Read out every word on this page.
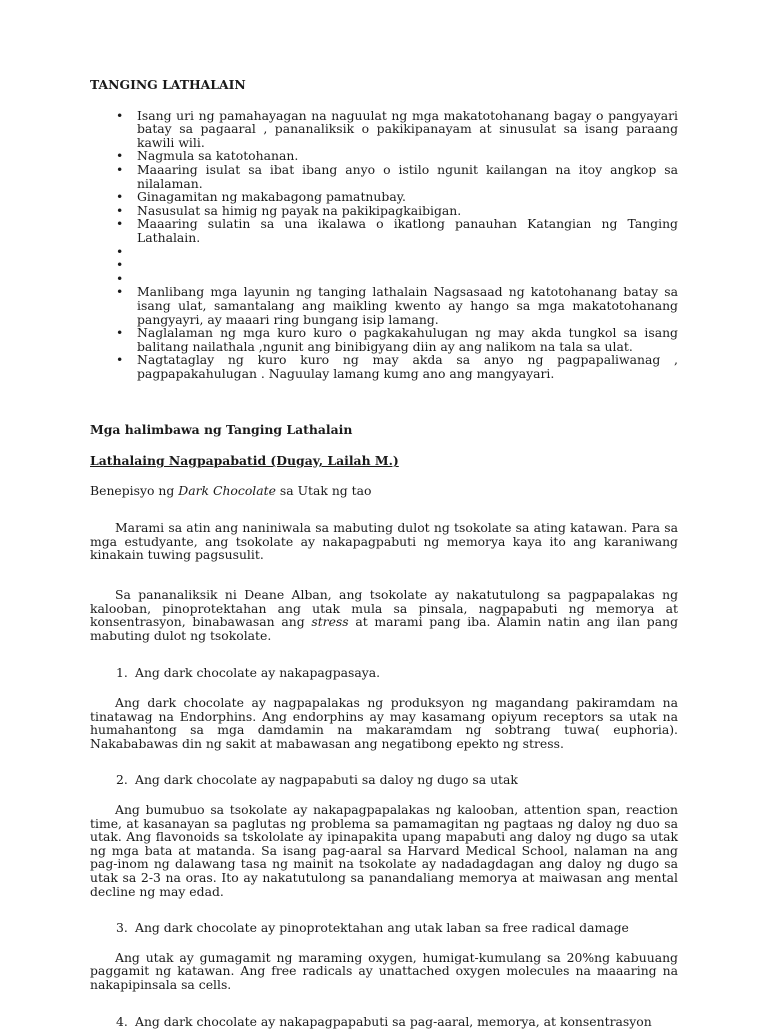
TANGING LATHALAIN

• Isang uri ng pamahayagan na naguulat ng mga makatotohanang bagay o pangyayari batay sa pagaaral , pananaliksik o pakikipanayam at sinusulat sa isang paraang kawili wili.
• Nagmula sa katotohanan.
• Maaaring isulat sa ibat ibang anyo o istilo ngunit kailangan na itoy angkop sa nilalaman.
• Ginagamitan ng makabagong pamatnubay.
• Nasusulat sa himig ng payak na pakikipagkaibigan.
• Maaaring sulatin sa una ikalawa o ikatlong panauhan Katangian ng Tanging Lathalain.
•
•
•
• Manlibang mga layunin ng tanging lathalain Nagsasaad ng katotohanang batay sa isang ulat, samantalang ang maikling kwento ay hango sa mga makatotohanang pangyayri, ay maaari ring bungang isip lamang.
• Naglalaman ng mga kuro kuro o pagkakahulugan ng may akda tungkol sa isang balitang nailathala ,ngunit ang binibigyang diin ay ang nalikom na tala sa ulat.
• Nagtataglay ng kuro kuro ng may akda sa anyo ng pagpapaliwanag , pagpapakahulugan . Naguulay lamang kumg ano ang mangyayari.

Mga halimbawa ng Tanging Lathalain

Lathalaing Nagpapabatid (Dugay, Lailah M.)

Benepisyo ng Dark Chocolate sa Utak ng tao

Marami sa atin ang naniniwala sa mabuting dulot ng tsokolate sa ating katawan. Para sa mga estudyante, ang tsokolate ay nakapagpabuti ng memorya kaya ito ang karaniwang kinakain tuwing pagsusulit.

Sa pananaliksik ni Deane Alban, ang tsokolate ay nakatutulong sa pagpapalakas ng kalooban, pinoprotektahan ang utak mula sa pinsala, nagpapabuti ng memorya at konsentrasyon, binabawasan ang stress at marami pang iba. Alamin natin ang ilan pang mabuting dulot ng tsokolate.

1. Ang dark chocolate ay nakapagpasaya.

Ang dark chocolate ay nagpapalakas ng produksyon ng magandang pakiramdam na tinatawag na Endorphins. Ang endorphins ay may kasamang opiyum receptors sa utak na humahantong sa mga damdamin na makaramdam ng sobtrang tuwa( euphoria). Nakababawas din ng sakit at mabawasan ang negatibong epekto ng stress.

2. Ang dark chocolate ay nagpapabuti sa daloy ng dugo sa utak

Ang bumubuo sa tsokolate ay nakapagpapalakas ng kalooban, attention span, reaction time, at kasanayan sa paglutas ng problema sa pamamagitan ng pagtaas ng daloy ng duo sa utak. Ang flavonoids sa tskololate ay ipinapakita upang mapabuti ang daloy ng dugo sa utak ng mga bata at matanda. Sa isang pag-aaral sa Harvard Medical School, nalaman na ang pag-inom ng dalawang tasa ng mainit na tsokolate ay nadadagdagan ang daloy ng dugo sa utak sa 2-3 na oras. Ito ay nakatutulong sa panandaliang memorya at maiwasan ang mental decline ng may edad.

3. Ang dark chocolate ay pinoprotektahan ang utak laban sa free radical damage

Ang utak ay gumagamit ng maraming oxygen, humigat-kumulang sa 20%ng kabuuang paggamit ng katawan. Ang free radicals ay unattached oxygen molecules na maaaring na nakapipinsala sa cells.

4. Ang dark chocolate ay nakapagpapabuti sa pag-aaral, memorya, at konsentrasyon
